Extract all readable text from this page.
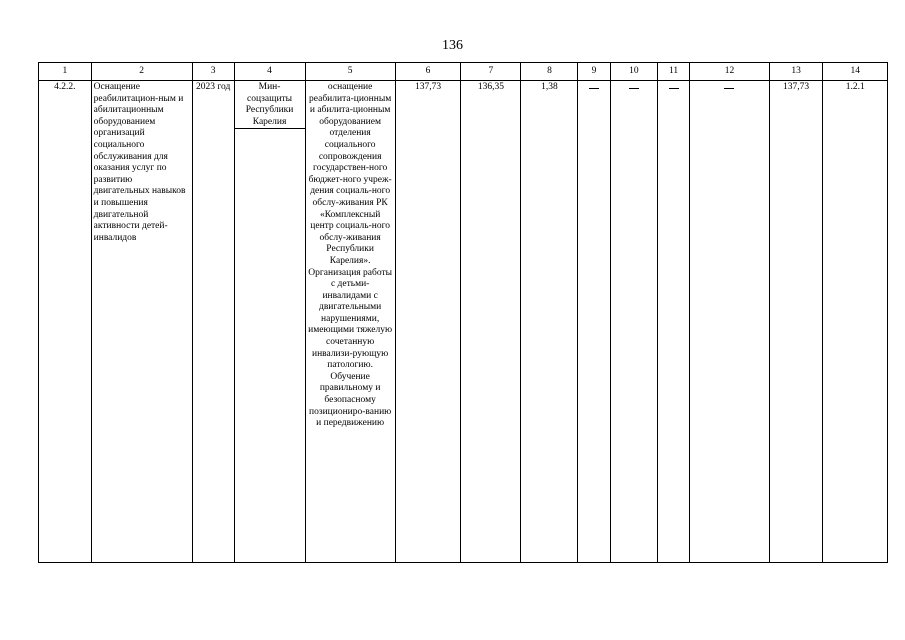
136
1	2	3	4	5	6	7	8	9	10	11	12	13	14
4.2.2.	Оснащение реабилитацион-ным и абилитационным оборудованием организаций социального обслуживания для оказания услуг по развитию двигательных навыков и повышения двигательной активности детей-инвалидов	2023 год	Мин-соцзащиты Республики Карелия	оснащение реабилита-ционным и абилита-ционным оборудованием отделения социального сопровождения государствен-ного бюджет-ного учреж-дения социаль-ного обслу-живания РК «Комплексный центр социаль-ного обслу-живания Республики Карелия». Организация работы с детьми-инвалидами с двигательными нарушениями, имеющими тяжелую сочетанную инвализи-рующую патологию. Обучение правильному и безопасному позициониро-ванию и передвижению	137,73	136,35	1,38					137,73	1.2.1
